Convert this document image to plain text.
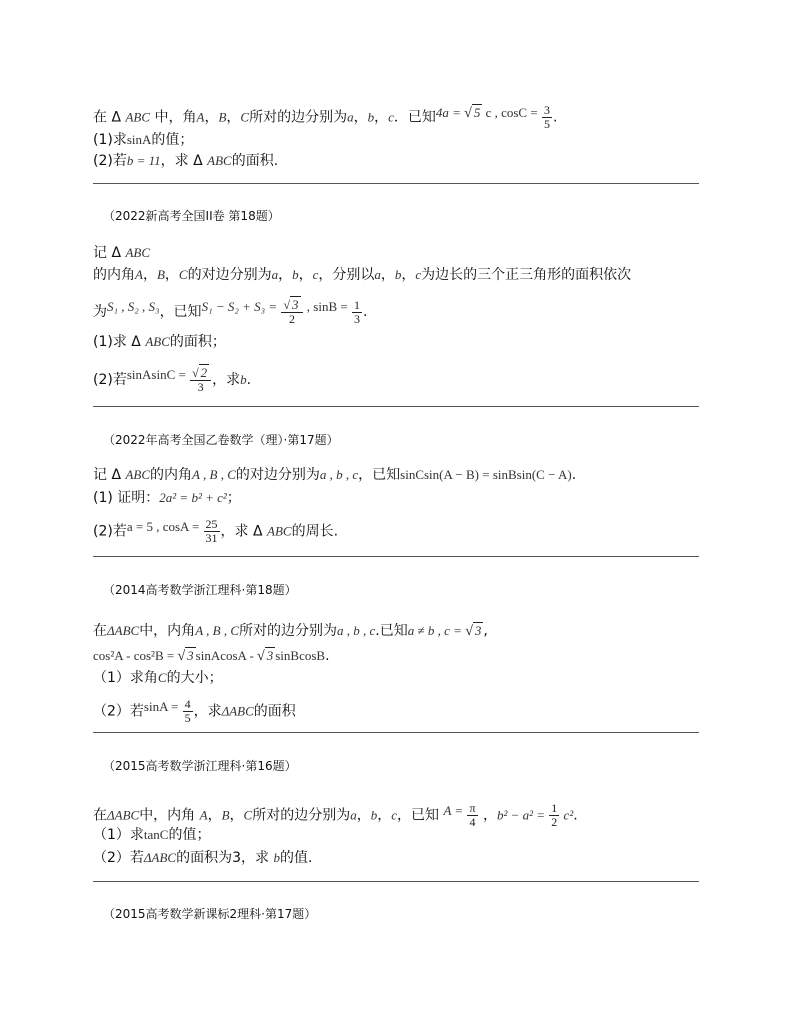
在 Δ ABC 中，角A，B，C所对的边分别为a，b，c．已知4a = √ 5 c , $\cos C = \frac{3}{5}$ .
(1)求sinA的值；
(2)若b = 11，求 Δ ABC的面积.
（2022新高考全国II卷 第18题）
记 Δ ABC
的内角A，B，C的对边分别为a，b，c，分别以a，b，c为边长的三个正三角形的面积依次
为S₁ , S₂ , S₃，已知$S_1 - S_2 + S_3 = \frac{√ 3}{2}$ , $\sin B = \frac{1}{3}$ .
(1)求 Δ ABC的面积；
(2)若sinAsinC = $\frac{√ 2}{3}$ ，求b.
（2022年高考全国乙卷数学（理）·第17题）
记 Δ ABC的内角A , B , C的对边分别为a , b , c，已知sinCsin(A − B) = sinBsin(C − A).
(1) 证明：2a² = b² + c²；
(2)若a = 5 , $\cos A = \frac{25}{31}$ ，求 Δ ABC的周长.
（2014高考数学浙江理科·第18题）
在ΔABC中，内角A , B , C所对的边分别为a , b , c.已知a ≠ b , c = √ 3 ,
cos²A - cos²B = √ 3 sinAcosA - √ 3 sinBcosB.
（1）求角C的大小；
（2）若$\sin A = \frac{4}{5}$ ，求ΔABC的面积
（2015高考数学浙江理科·第16题）
在ΔABC中，内角 A，B，C所对的边分别为a，b，c，已知 $A = \frac{\pi}{4}$ ，$b^2 - a^2 = \frac{1}{2} c^2$.
（1）求tanC的值；
（2）若ΔABC的面积为3，求 b的值.
（2015高考数学新课标2理科·第17题）
